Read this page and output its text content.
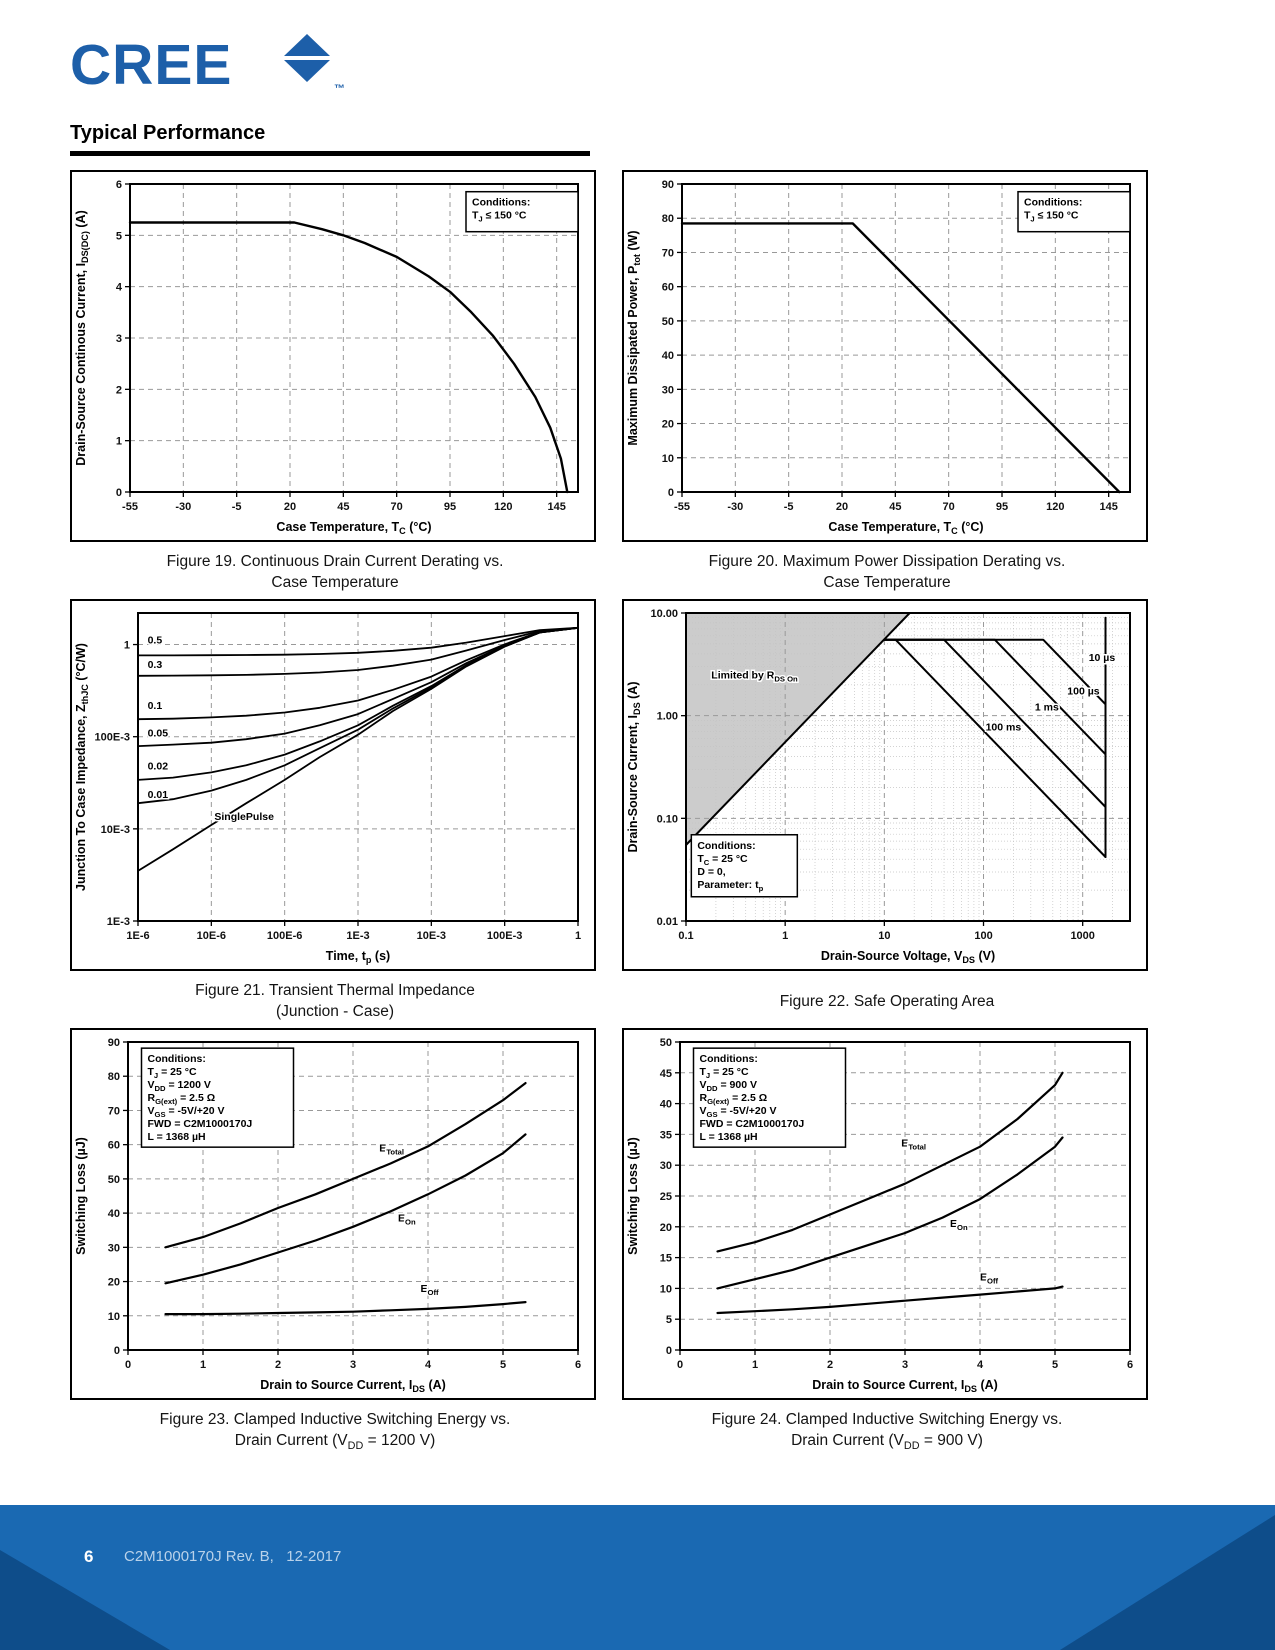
CREE	™
Typical Performance
-55	-30	-5	20	45	70	95	120	145
0
1
2
3
4
5
6
Case Temperature, $T_C$ (°C)
Drain-Source Continous Current, $I_{DS(DC)}$ (A)
Conditions:
$T_J \le 150$ °C
Figure 19. Continuous Drain Current Derating vs.
Case Temperature
-55	-30	-5	20	45	70	95	120	145
0
10
20
30
40
50
60
70
80
90
Case Temperature, $T_C$ (°C)
Maximum Dissipated Power, $P_{tot}$ (W)
Conditions:
$T_J \le 150$ °C
Figure 20. Maximum Power Dissipation Derating vs.
Case Temperature
1E-6	10E-6	100E-6	1E-3	10E-3	100E-3	1
1E-3
10E-3
100E-3
1 0.5
0.3
0.1
0.05
0.02
0.01
SinglePulse
Time, $t_p$ (s)
Junction To Case Impedance, $Z_{thJC}$ (°C/W)
Figure 21. Transient Thermal Impedance
(Junction - Case)
0.1	1	10	100	1000
0.01
0.10
1.00
10.00
Limited by $R_{DS On}$
10 µs
100 µs
1 ms
100 ms
Drain-Source Voltage, $V_{DS}$ (V)
Drain-Source Current, $I_{DS}$ (A)
Conditions:
$T_C = 25$ °C
D = 0,
Parameter: $t_p$
Figure 22. Safe Operating Area
0	1	2	3	4	5	6
0
10
20
30
40
50
60
70
80
90
$E_{Total}$
$E_{On}$
$E_{Off}$
Drain to Source Current, $I_{DS}$ (A)
Switching Loss (µJ)
Conditions:
$T_J = 25$ °C
$V_{DD} = 1200$ V
$R_{G(ext)} = 2.5$ Ω
$V_{GS} = -5V/+20$ V
FWD = C2M1000170J
L = 1368 µH
Figure 23. Clamped Inductive Switching Energy vs.
Drain Current ($V_{DD} = 1200$ V)
0	1	2	3	4	5	6
0
5
10
15
20
25
30
35
40
45
50
$E_{Total}$
$E_{On}$
$E_{Off}$
Drain to Source Current, $I_{DS}$ (A)
Switching Loss (µJ)
Conditions:
$T_J = 25$ °C
$V_{DD} = 900$ V
$R_{G(ext)} = 2.5$ Ω
$V_{GS} = -5V/+20$ V
FWD = C2M1000170J
L = 1368 µH
Figure 24. Clamped Inductive Switching Energy vs.
Drain Current ($V_{DD} = 900$ V)
6 C2M1000170J Rev. B,   12-2017
